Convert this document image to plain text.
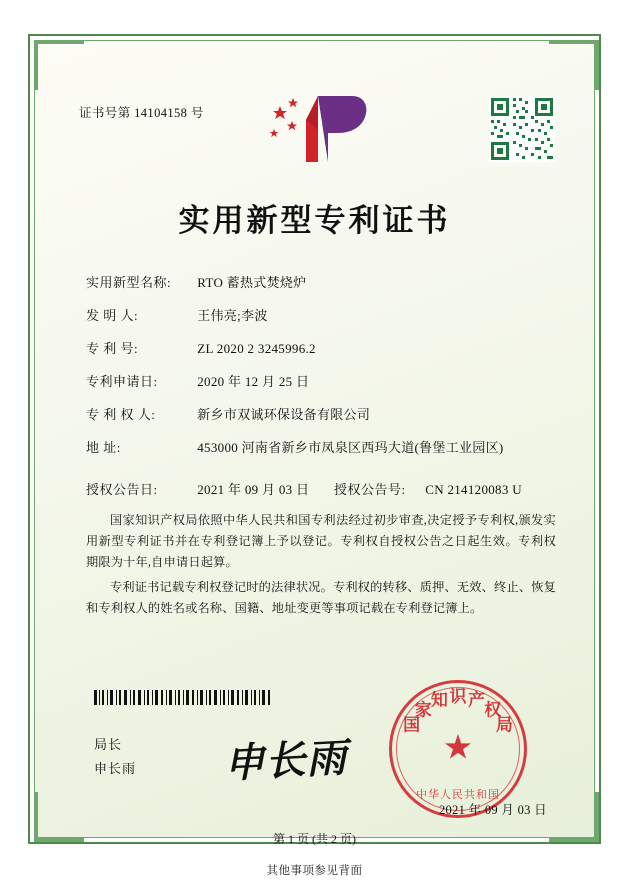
证书号第 14104158 号
实用新型专利证书
实用新型名称: RTO 蓄热式焚烧炉
发 明 人:	王伟亮;李波
专 利 号:	ZL 2020 2 3245996.2
专利申请日:	2020 年 12 月 25 日
专 利 权 人:	新乡市双诚环保设备有限公司
地 址:	453000 河南省新乡市凤泉区西玛大道(鲁堡工业园区)
授权公告日:	2021 年 09 月 03 日 授权公告号: CN 214120083 U

国家知识产权局依照中华人民共和国专利法经过初步审查,决定授予专利权,颁发实用新型专利证书并在专利登记簿上予以登记。专利权自授权公告之日起生效。专利权期限为十年,自申请日起算。

专利证书记载专利权登记时的法律状况。专利权的转移、质押、无效、终止、恢复和专利权人的姓名或名称、国籍、地址变更等事项记载在专利登记簿上。

局长
申长雨 申长雨	★
国
家
知 识 产
权
局
中华人民共和国
2021 年 09 月 03 日
第 1 页 (共 2 页)
其他事项参见背面
